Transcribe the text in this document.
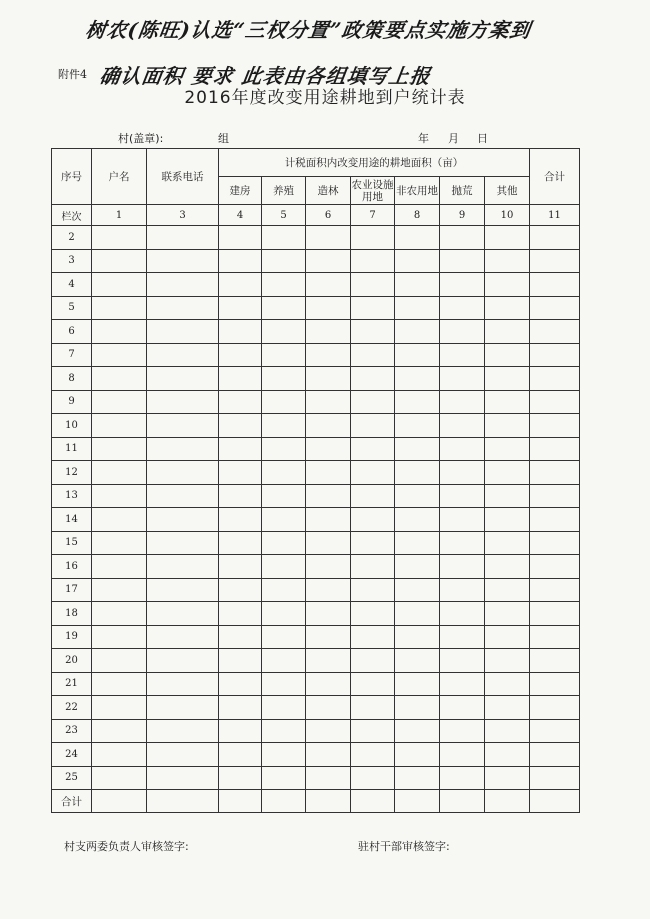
树农(陈旺)认选“三权分置”政策要点实施方案到
确认面积 要求 此表由各组填写上报
附件4
2016年度改变用途耕地到户统计表
村(盖章):	组	年 月 日
序号	户名	联系电话	计税面积内改变用途的耕地面积（亩）							合计
			建房	养殖	造林	农业设施用地	非农用地	抛荒	其他	
栏次	1	3	4	5	6	7	8	9	10	11
2										
3										
4										
5										
6										
7										
8										
9										
10										
11										
12										
13										
14										
15										
16										
17										
18										
19										
20										
21										
22										
23										
24										
25										
合计										
村支两委负责人审核签字:	驻村干部审核签字:
